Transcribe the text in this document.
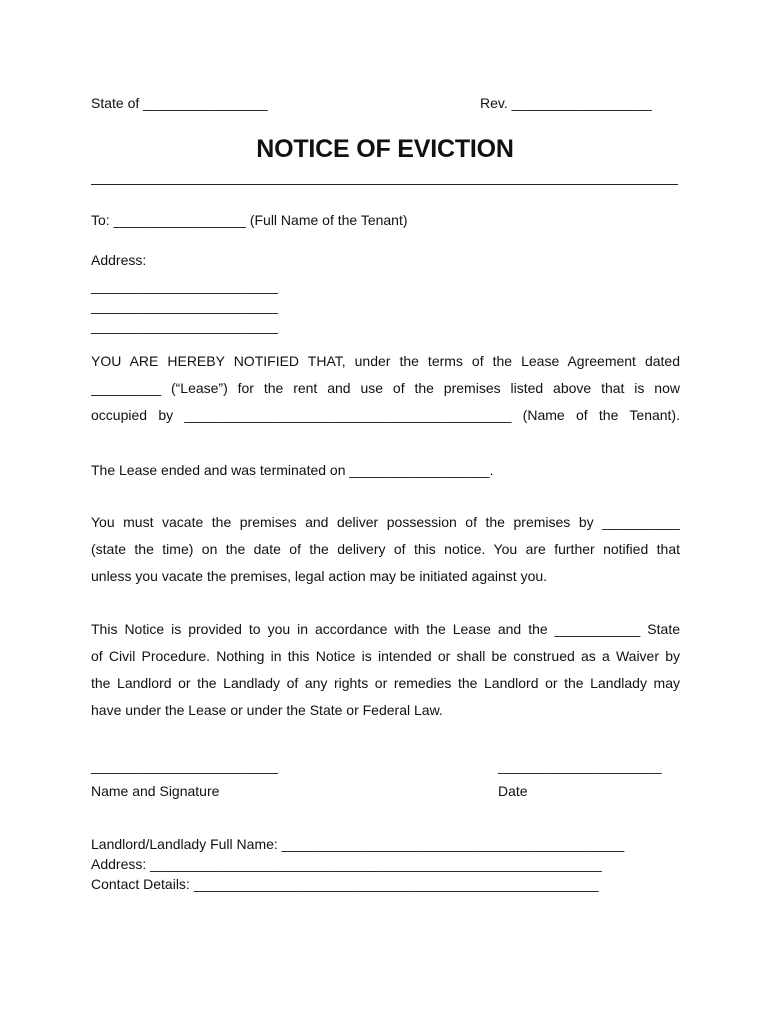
State of ________________	Rev. __________________
NOTICE OF EVICTION
To: _________________ (Full Name of the Tenant)
Address:
________________________
________________________
________________________
YOU ARE HEREBY NOTIFIED THAT, under the terms of the Lease Agreement dated
_________ (“Lease”) for the rent and use of the premises listed above that is now
occupied by __________________________________________ (Name of the Tenant).
The Lease ended and was terminated on __________________.
You must vacate the premises and deliver possession of the premises by __________
(state the time) on the date of the delivery of this notice. You are further notified that
unless you vacate the premises, legal action may be initiated against you.
This Notice is provided to you in accordance with the Lease and the ___________ State
of Civil Procedure. Nothing in this Notice is intended or shall be construed as a Waiver by
the Landlord or the Landlady of any rights or remedies the Landlord or the Landlady may
have under the Lease or under the State or Federal Law.
________________________	_____________________
Name and Signature	Date
Landlord/Landlady Full Name: ____________________________________________
Address: __________________________________________________________
Contact Details: ____________________________________________________
